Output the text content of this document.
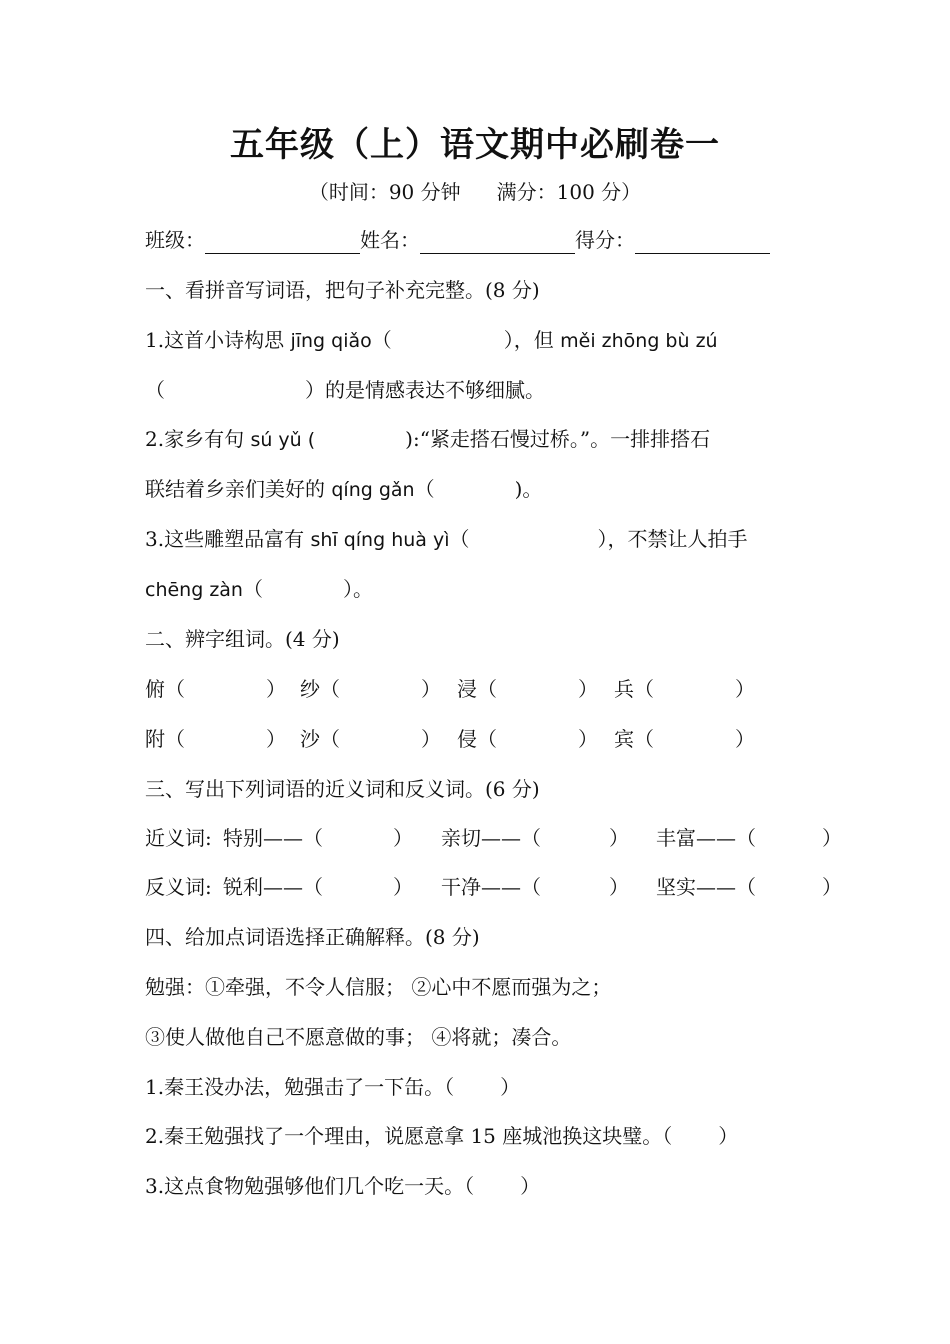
五年级（上）语文期中必刷卷一
（时间：90 分钟 满分：100 分）
班级：	姓名：	得分：
一、看拼音写词语，把句子补充完整。(8 分)
1.这首小诗构思 jīng qiǎo（	），但 měi zhōng bù zú
（	）的是情感表达不够细腻。
2.家乡有句 sú yǔ (	):“紧走搭石慢过桥。”。一排排搭石
联结着乡亲们美好的 qíng gǎn（	)。
3.这些雕塑品富有 shī qíng huà yì（	），不禁让人拍手
chēng zàn（	）。
二、辨字组词。(4 分)
俯（	） 纱（	） 浸（	） 兵（	）
附（	） 沙（	） 侵（	） 宾（	）
三、写出下列词语的近义词和反义词。(6 分)
近义词: 特别——（	） 亲切——（	） 丰富——（	）
反义词: 锐利——（	） 干净——（	） 坚实——（	）
四、给加点词语选择正确解释。(8 分)
勉强：①牵强，不令人信服； ②心中不愿而强为之；
③使人做他自己不愿意做的事； ④将就；凑合。
1.秦王没办法，勉强击了一下缶。（ ）
2.秦王勉强找了一个理由，说愿意拿 15 座城池换这块璧。（ ）
3.这点食物勉强够他们几个吃一天。（ ）
